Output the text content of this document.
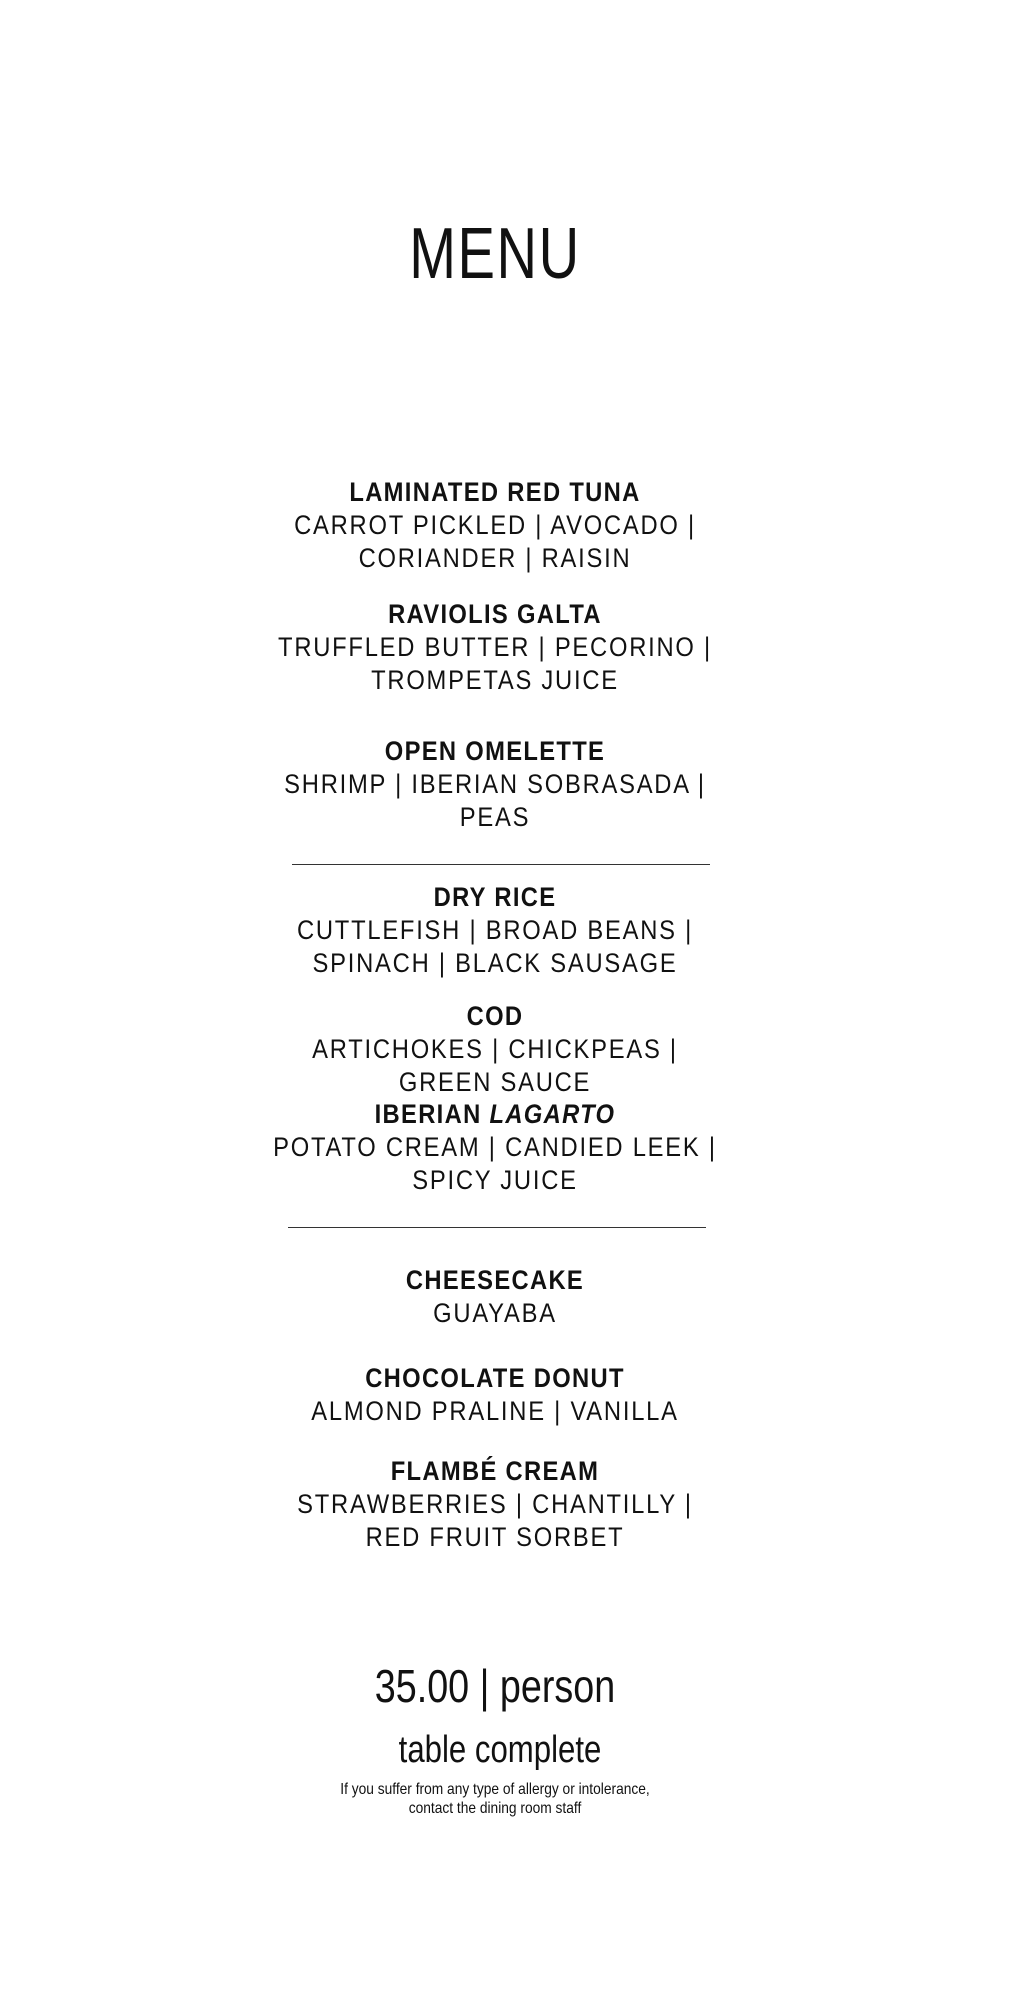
MENU
LAMINATED RED TUNA
CARROT PICKLED | AVOCADO | CORIANDER | RAISIN
RAVIOLIS GALTA
TRUFFLED BUTTER | PECORINO | TROMPETAS JUICE
OPEN OMELETTE
SHRIMP | IBERIAN SOBRASADA | PEAS
DRY RICE
CUTTLEFISH | BROAD BEANS | SPINACH | BLACK SAUSAGE
COD
ARTICHOKES | CHICKPEAS | GREEN SAUCE
IBERIAN LAGARTO
POTATO CREAM | CANDIED LEEK | SPICY JUICE
CHEESECAKE
GUAYABA
CHOCOLATE DONUT
ALMOND PRALINE | VANILLA
FLAMBÉ CREAM
STRAWBERRIES | CHANTILLY | RED FRUIT SORBET
35.00 | person
table complete
If you suffer from any type of allergy or intolerance,
contact the dining room staff
